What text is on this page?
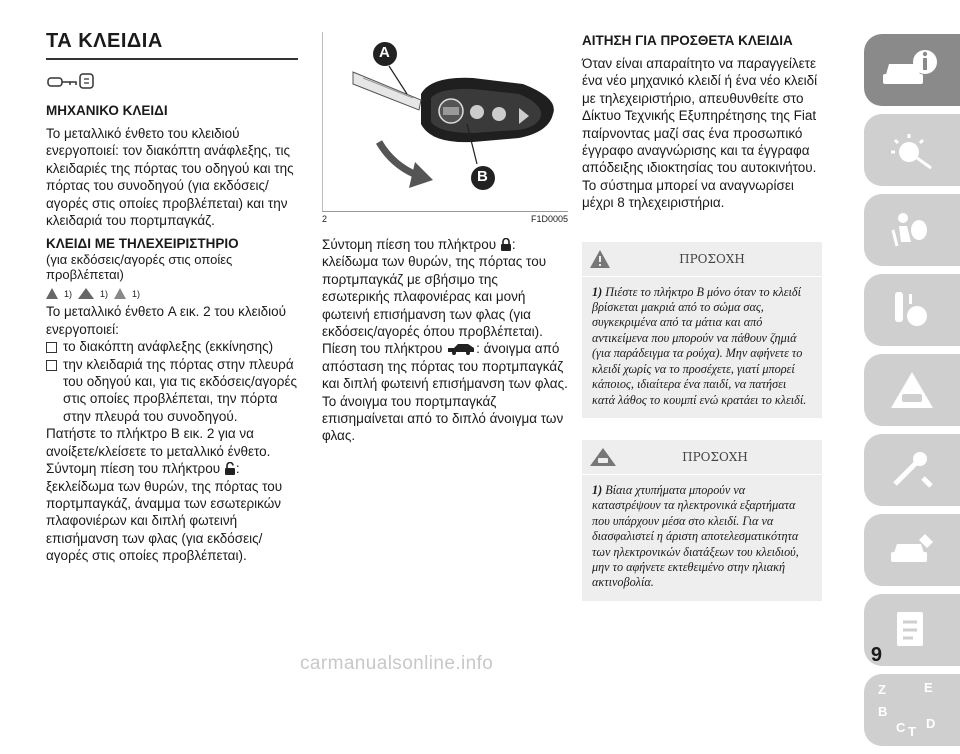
ΤΑ ΚΛΕΙΔΙΑ
ΜΗΧΑΝΙΚΟ ΚΛΕΙΔΙ

Το μεταλλικό ένθετο του κλειδιού ενεργοποιεί: τον διακόπτη ανάφλεξης, τις κλειδαριές της πόρτας του οδηγού και της πόρτας του συνοδηγού (για εκδόσεις/αγορές στις οποίες προβλέπεται) και την κλειδαριά του πορτμπαγκάζ.

ΚΛΕΙΔΙ ΜΕ ΤΗΛΕΧΕΙΡΙΣΤΗΡΙΟ

(για εκδόσεις/αγορές στις οποίες προβλέπεται)

1)	1)	1)

Το μεταλλικό ένθετο A εικ. 2 του κλειδιού ενεργοποιεί:

το διακόπτη ανάφλεξης (εκκίνησης)

την κλειδαριά της πόρτας στην πλευρά του οδηγού και, για τις εκδόσεις/αγορές στις οποίες προβλέπεται, την πόρτα στην πλευρά του συνοδηγού.

Πατήστε το πλήκτρο B εικ. 2 για να ανοίξετε/κλείσετε το μεταλλικό ένθετο.

Σύντομη πίεση του πλήκτρου : ξεκλείδωμα των θυρών, της πόρτας του πορτμπαγκάζ, άναμμα των εσωτερικών πλαφονιέρων και διπλή φωτεινή επισήμανση των φλας (για εκδόσεις/αγορές στις οποίες προβλέπεται).

A
B
2	F1D0005

Σύντομη πίεση του πλήκτρου : κλείδωμα των θυρών, της πόρτας του πορτμπαγκάζ με σβήσιμο της εσωτερικής πλαφονιέρας και μονή φωτεινή επισήμανση των φλας (για εκδόσεις/αγορές όπου προβλέπεται).

Πίεση του πλήκτρου	: άνοιγμα από απόσταση της πόρτας του πορτμπαγκάζ και διπλή φωτεινή επισήμανση των φλας. Το άνοιγμα του πορτμπαγκάζ επισημαίνεται από το διπλό άνοιγμα των φλας.

ΑΙΤΗΣΗ ΓΙΑ ΠΡΟΣΘΕΤΑ ΚΛΕΙΔΙΑ

Όταν είναι απαραίτητο να παραγγείλετε ένα νέο μηχανικό κλειδί ή ένα νέο κλειδί με τηλεχειριστήριο, απευθυνθείτε στο Δίκτυο Τεχνικής Εξυπηρέτησης της Fiat παίρνοντας μαζί σας ένα προσωπικό έγγραφο αναγνώρισης και τα έγγραφα απόδειξης ιδιοκτησίας του αυτοκινήτου. Το σύστημα μπορεί να αναγνωρίσει μέχρι 8 τηλεχειριστήρια.

ΠΡΟΣΟΧΗ
1) Πιέστε το πλήκτρο B μόνο όταν το κλειδί βρίσκεται μακριά από το σώμα σας, συγκεκριμένα από τα μάτια και από αντικείμενα που μπορούν να πάθουν ζημιά (για παράδειγμα τα ρούχα). Μην αφήνετε το κλειδί χωρίς να το προσέχετε, γιατί μπορεί κάποιος, ιδιαίτερα ένα παιδί, να πατήσει κατά λάθος το κουμπί ενώ κρατάει το κλειδί.
ΠΡΟΣΟΧΗ
1) Βίαια χτυπήματα μπορούν να καταστρέψουν τα ηλεκτρονικά εξαρτήματα που υπάρχουν μέσα στο κλειδί. Για να διασφαλιστεί η άριστη αποτελεσματικότητα των ηλεκτρονικών διατάξεων του κλειδιού, μην το αφήνετε εκτεθειμένο στην ηλιακή ακτινοβολία.
Z	E
B
C D
T
9
carmanualsonline.info
